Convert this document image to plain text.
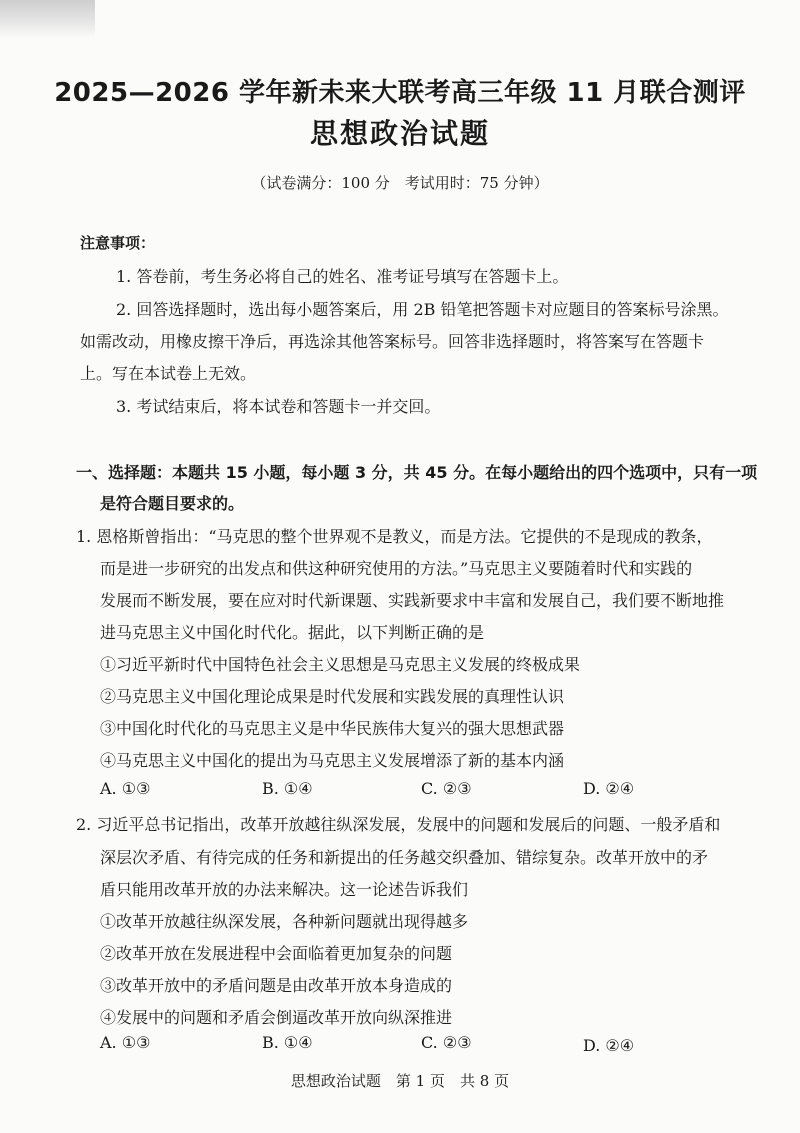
2025—2026 学年新未来大联考高三年级 11 月联合测评
思想政治试题
（试卷满分：100 分　考试用时：75 分钟）
注意事项：
1. 答卷前，考生务必将自己的姓名、准考证号填写在答题卡上。
2. 回答选择题时，选出每小题答案后，用 2B 铅笔把答题卡对应题目的答案标号涂黑。
如需改动，用橡皮擦干净后，再选涂其他答案标号。回答非选择题时，将答案写在答题卡
上。写在本试卷上无效。
3. 考试结束后，将本试卷和答题卡一并交回。
一、选择题：本题共 15 小题，每小题 3 分，共 45 分。在每小题给出的四个选项中，只有一项
是符合题目要求的。
1. 恩格斯曾指出：“马克思的整个世界观不是教义，而是方法。它提供的不是现成的教条，
而是进一步研究的出发点和供这种研究使用的方法。”马克思主义要随着时代和实践的
发展而不断发展，要在应对时代新课题、实践新要求中丰富和发展自己，我们要不断地推
进马克思主义中国化时代化。据此，以下判断正确的是
①习近平新时代中国特色社会主义思想是马克思主义发展的终极成果
②马克思主义中国化理论成果是时代发展和实践发展的真理性认识
③中国化时代化的马克思主义是中华民族伟大复兴的强大思想武器
④马克思主义中国化的提出为马克思主义发展增添了新的基本内涵
A. ①③	B. ①④	C. ②③	D. ②④
2. 习近平总书记指出，改革开放越往纵深发展，发展中的问题和发展后的问题、一般矛盾和
深层次矛盾、有待完成的任务和新提出的任务越交织叠加、错综复杂。改革开放中的矛
盾只能用改革开放的办法来解决。这一论述告诉我们
①改革开放越往纵深发展，各种新问题就出现得越多
②改革开放在发展进程中会面临着更加复杂的问题
③改革开放中的矛盾问题是由改革开放本身造成的
④发展中的问题和矛盾会倒逼改革开放向纵深推进
A. ①③	B. ①④	C. ②③	D. ②④
思想政治试题　第 1 页　共 8 页
